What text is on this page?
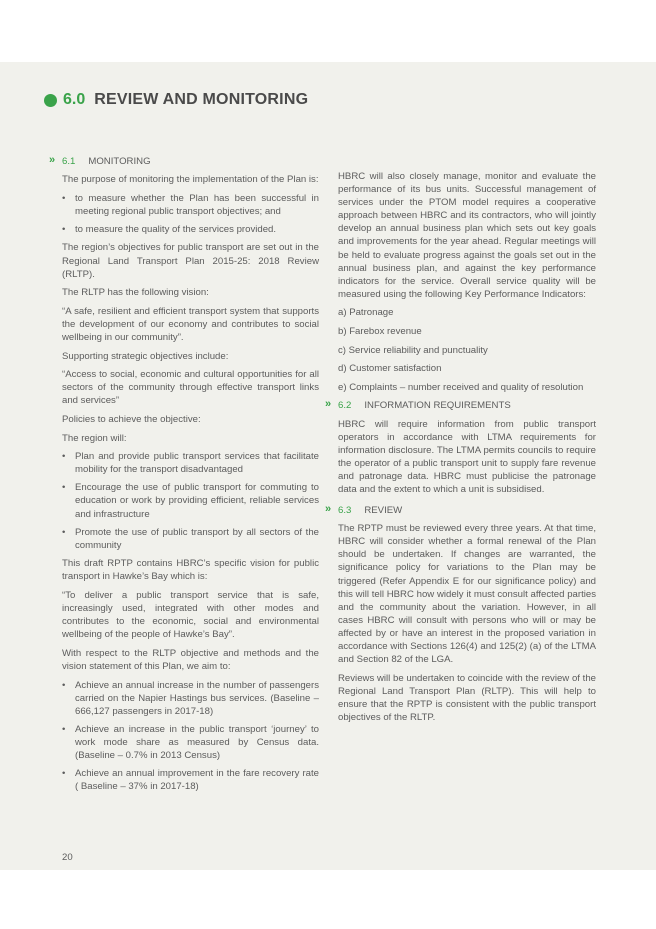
6.0 REVIEW AND MONITORING
» 6.1 MONITORING

The purpose of monitoring the implementation of the Plan is:

• to measure whether the Plan has been successful in meeting regional public transport objectives; and
• to measure the quality of the services provided.

The region’s objectives for public transport are set out in the Regional Land Transport Plan 2015-25: 2018 Review (RLTP).

The RLTP has the following vision:

“A safe, resilient and efficient transport system that supports the development of our economy and contributes to social wellbeing in our community”.

Supporting strategic objectives include:

“Access to social, economic and cultural opportunities for all sectors of the community through effective transport links and services”

Policies to achieve the objective:

The region will:

• Plan and provide public transport services that facilitate mobility for the transport disadvantaged
• Encourage the use of public transport for commuting to education or work by providing efficient, reliable services and infrastructure
• Promote the use of public transport by all sectors of the community

This draft RPTP contains HBRC’s specific vision for public transport in Hawke’s Bay which is:

“To deliver a public transport service that is safe, increasingly used, integrated with other modes and contributes to the economic, social and environmental wellbeing of the people of Hawke’s Bay”.

With respect to the RLTP objective and methods and the vision statement of this Plan, we aim to:

• Achieve an annual increase in the number of passengers carried on the Napier Hastings bus services. (Baseline – 666,127 passengers in 2017-18)
• Achieve an increase in the public transport ‘journey’ to work mode share as measured by Census data. (Baseline – 0.7% in 2013 Census)
• Achieve an annual improvement in the fare recovery rate ( Baseline – 37% in 2017-18)

HBRC will also closely manage, monitor and evaluate the performance of its bus units. Successful management of services under the PTOM model requires a cooperative approach between HBRC and its contractors, who will jointly develop an annual business plan which sets out key goals and improvements for the year ahead. Regular meetings will be held to evaluate progress against the goals set out in the annual business plan, and against the key performance indicators for the service. Overall service quality will be measured using the following Key Performance Indicators:

a) Patronage
b) Farebox revenue
c) Service reliability and punctuality
d) Customer satisfaction
e) Complaints – number received and quality of resolution
» 6.2 INFORMATION REQUIREMENTS

HBRC will require information from public transport operators in accordance with LTMA requirements for information disclosure. The LTMA permits councils to require the operator of a public transport unit to supply fare revenue and patronage data. HBRC must publicise the patronage data and the extent to which a unit is subsidised.

» 6.3 REVIEW

The RPTP must be reviewed every three years. At that time, HBRC will consider whether a formal renewal of the Plan should be undertaken. If changes are warranted, the significance policy for variations to the Plan may be triggered (Refer Appendix E for our significance policy) and this will tell HBRC how widely it must consult affected parties and the community about the variation. However, in all cases HBRC will consult with persons who will or may be affected by or have an interest in the proposed variation in accordance with Sections 126(4) and 125(2) (a) of the LTMA and Section 82 of the LGA.

Reviews will be undertaken to coincide with the review of the Regional Land Transport Plan (RLTP). This will help to ensure that the RPTP is consistent with the public transport objectives of the RLTP.

20
